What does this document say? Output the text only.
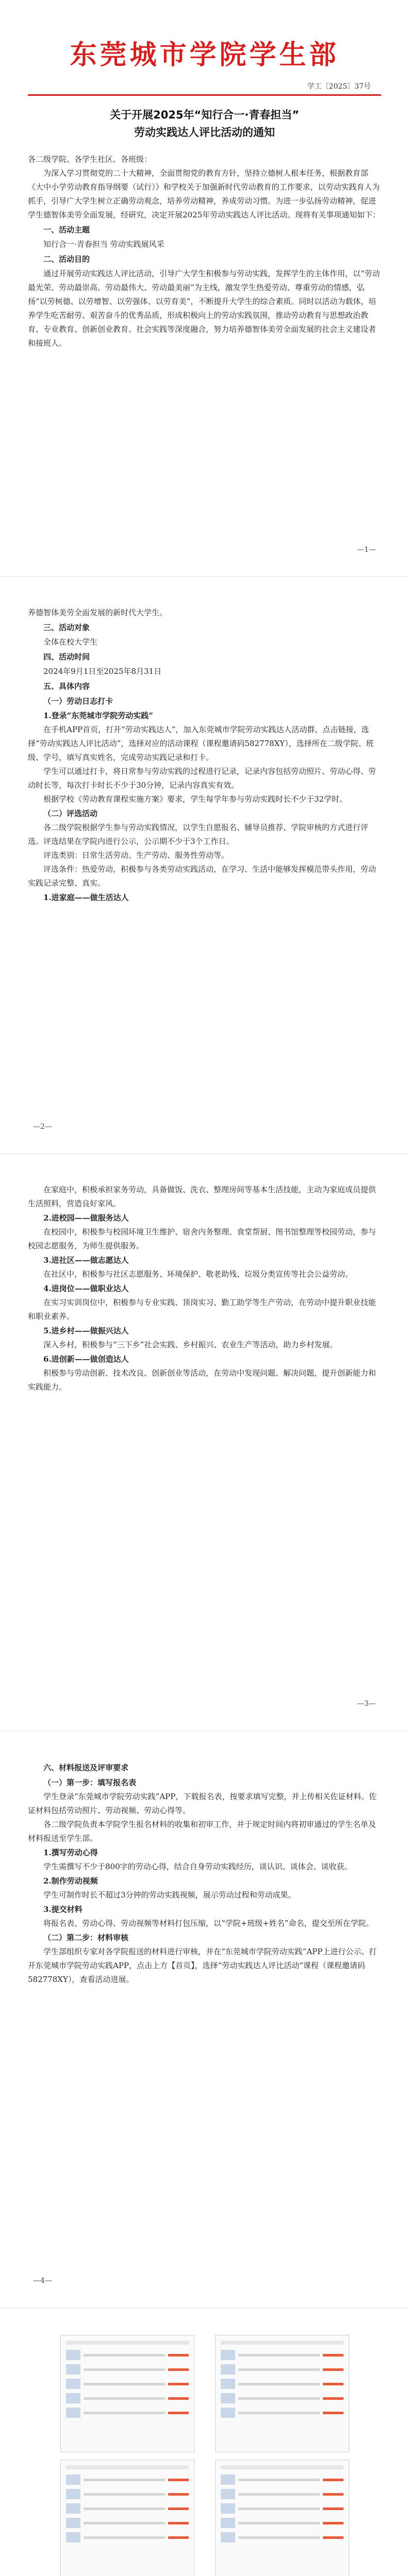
东莞城市学院学生部
学工〔2025〕37号
关于开展2025年“知行合一·青春担当”
劳动实践达人评比活动的通知

各二级学院、各学生社区、各班级：

为深入学习贯彻党的二十大精神，全面贯彻党的教育方针，坚持立德树人根本任务，根据教育部《大中小学劳动教育指导纲要（试行）》和学校关于加强新时代劳动教育的工作要求，以劳动实践育人为抓手，引导广大学生树立正确劳动观念，培养劳动精神，养成劳动习惯。为进一步弘扬劳动精神，促进学生德智体美劳全面发展，经研究，决定开展2025年劳动实践达人评比活动。现将有关事项通知如下：

一、活动主题

知行合一·青春担当 劳动实践展风采

二、活动目的

通过开展劳动实践达人评比活动，引导广大学生积极参与劳动实践，发挥学生的主体作用，以“劳动最光荣、劳动最崇高、劳动最伟大、劳动最美丽”为主线，激发学生热爱劳动、尊重劳动的情感，弘扬“以劳树德、以劳增智、以劳强体、以劳育美”，不断提升大学生的综合素质。同时以活动为载体，培养学生吃苦耐劳、艰苦奋斗的优秀品质，形成积极向上的劳动实践氛围，推动劳动教育与思想政治教育、专业教育、创新创业教育、社会实践等深度融合，努力培养德智体美劳全面发展的社会主义建设者和接班人。

—1—

养德智体美劳全面发展的新时代大学生。

三、活动对象

全体在校大学生

四、活动时间

2024年9月1日至2025年8月31日

五、具体内容
（一）劳动日志打卡
1.登录“东莞城市学院劳动实践”

在手机APP首页，打开“劳动实践达人”，加入东莞城市学院劳动实践达人活动群，点击链接，选择“劳动实践达人评比活动”，选择对应的活动课程（课程邀请码582778XY），选择所在二级学院、班级、学号，填写真实姓名，完成劳动实践记录和打卡。

学生可以通过打卡，将日常参与劳动实践的过程进行记录，记录内容包括劳动照片、劳动心得、劳动时长等，每次打卡时长不少于30分钟，记录内容真实有效。

根据学校《劳动教育课程实施方案》要求，学生每学年参与劳动实践时长不少于32学时。

（二）评选活动

各二级学院根据学生参与劳动实践情况，以学生自愿报名、辅导员推荐、学院审核的方式进行评选。评选结果在学院内进行公示，公示期不少于3个工作日。

评选类别：日常生活劳动、生产劳动、服务性劳动等。

评选条件：热爱劳动，积极参与各类劳动实践活动，在学习、生活中能够发挥模范带头作用，劳动实践记录完整、真实。

1.进家庭——做生活达人
—2—

在家庭中，积极承担家务劳动，具备做饭、洗衣、整理房间等基本生活技能，主动为家庭成员提供生活照料，营造良好家风。

2.进校园——做服务达人

在校园中，积极参与校园环境卫生维护、宿舍内务整理、食堂帮厨、图书馆整理等校园劳动，参与校园志愿服务，为师生提供服务。

3.进社区——做志愿达人

在社区中，积极参与社区志愿服务、环境保护、敬老助残、垃圾分类宣传等社会公益劳动。

4.进岗位——做职业达人

在实习实训岗位中，积极参与专业实践、顶岗实习、勤工助学等生产劳动，在劳动中提升职业技能和职业素养。

5.进乡村——做振兴达人

深入乡村，积极参与“三下乡”社会实践、乡村振兴、农业生产等活动，助力乡村发展。

6.进创新——做创造达人

积极参与劳动创新、技术改良、创新创业等活动，在劳动中发现问题、解决问题，提升创新能力和实践能力。

—3—
六、材料报送及评审要求
（一）第一步：填写报名表

学生登录“东莞城市学院劳动实践”APP，下载报名表，按要求填写完整，并上传相关佐证材料。佐证材料包括劳动照片、劳动视频、劳动心得等。

各二级学院负责本学院学生报名材料的收集和初审工作，并于规定时间内将初审通过的学生名单及材料报送至学生部。

1.撰写劳动心得

学生需撰写不少于800字的劳动心得，结合自身劳动实践经历，谈认识、谈体会、谈收获。

2.制作劳动视频

学生可制作时长不超过3分钟的劳动实践视频，展示劳动过程和劳动成果。

3.提交材料

将报名表、劳动心得、劳动视频等材料打包压缩，以“学院+班级+姓名”命名，提交至所在学院。

（二）第二步：材料审核

学生部组织专家对各学院报送的材料进行审核，并在“东莞城市学院劳动实践”APP上进行公示。打开东莞城市学院劳动实践APP，点击上方【首页】，选择“劳动实践达人评比活动”课程（课程邀请码582778XY），查看活动进展。

—4—
